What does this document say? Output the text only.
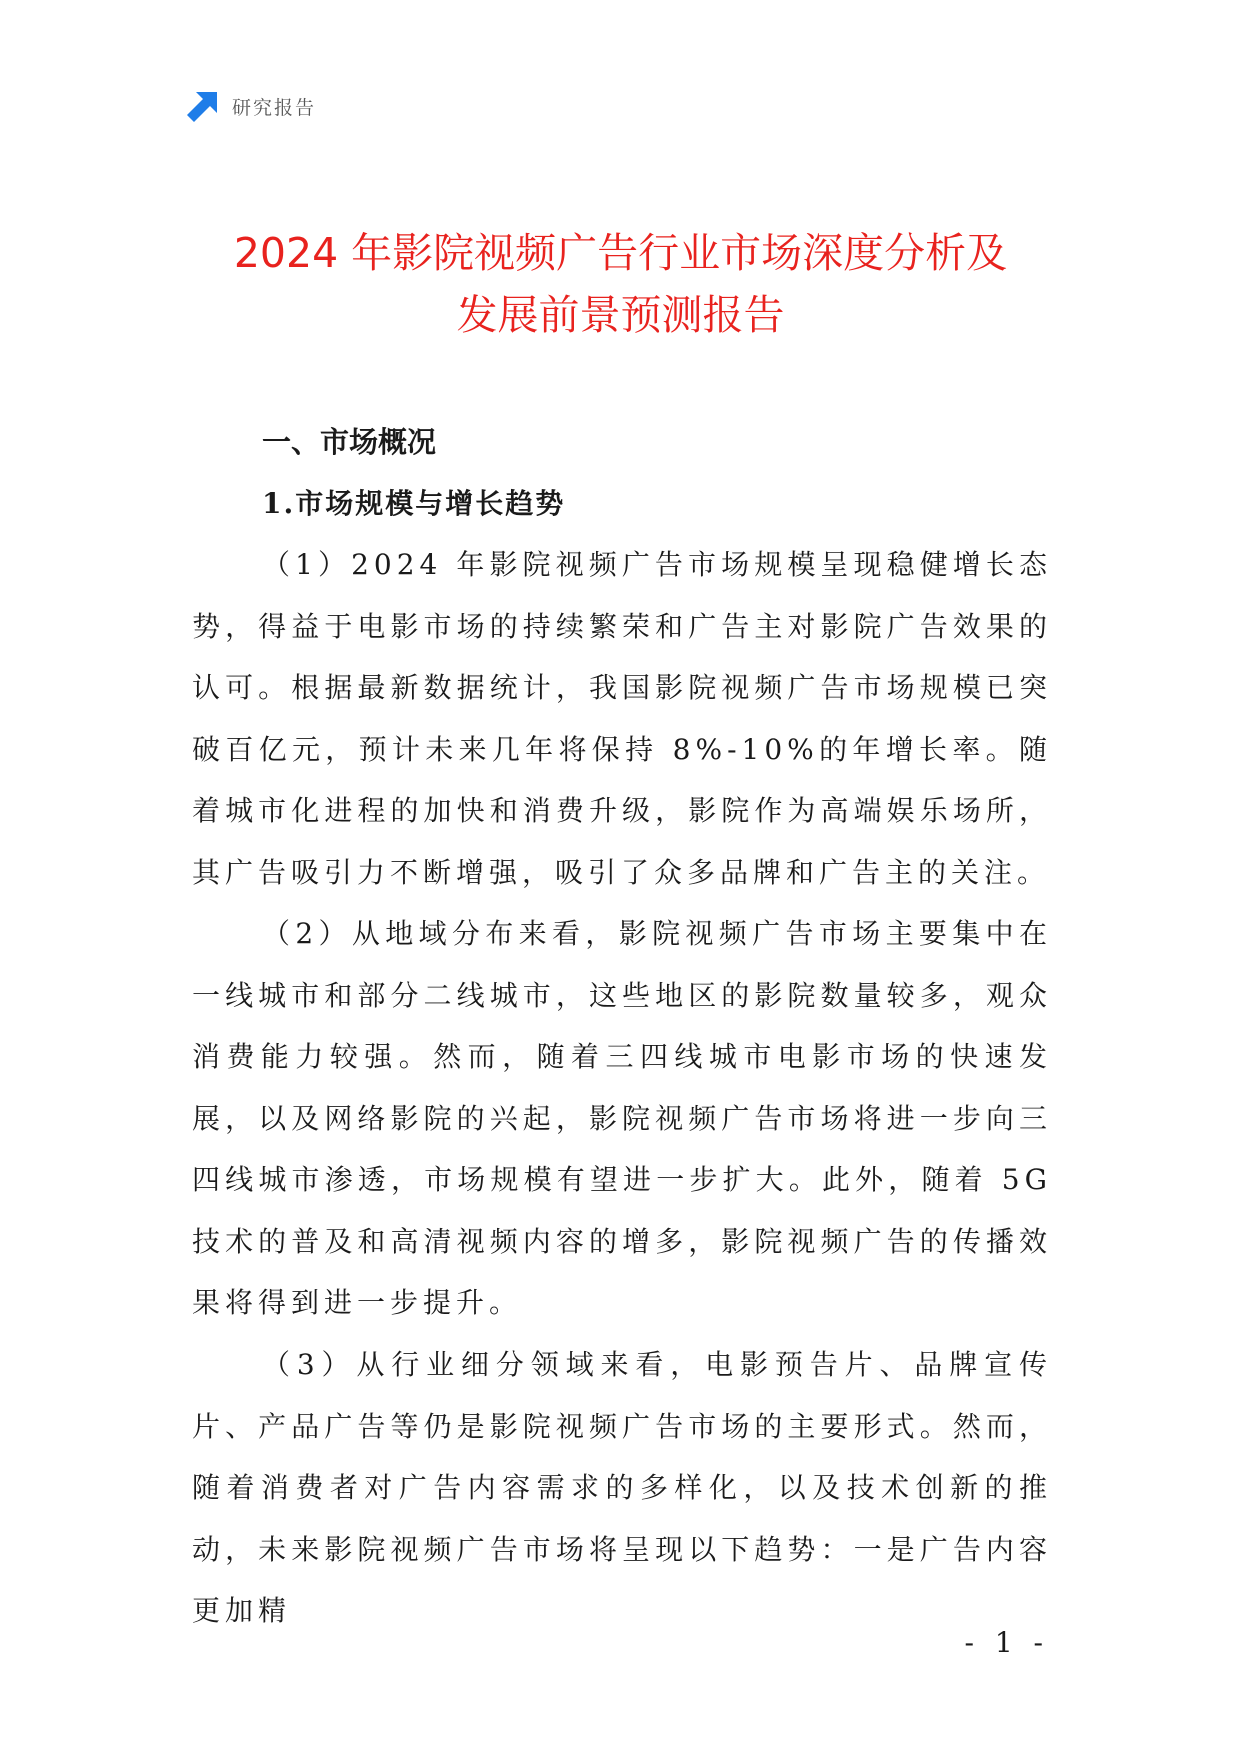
研究报告
2024 年影院视频广告行业市场深度分析及
发展前景预测报告
一、市场概况
1.市场规模与增长趋势

（1）2024 年影院视频广告市场规模呈现稳健增长态势，得益于电影市场的持续繁荣和广告主对影院广告效果的认可。根据最新数据统计，我国影院视频广告市场规模已突破百亿元，预计未来几年将保持 8%-10%的年增长率。随着城市化进程的加快和消费升级，影院作为高端娱乐场所，其广告吸引力不断增强，吸引了众多品牌和广告主的关注。

（2）从地域分布来看，影院视频广告市场主要集中在一线城市和部分二线城市，这些地区的影院数量较多，观众消费能力较强。然而，随着三四线城市电影市场的快速发展，以及网络影院的兴起，影院视频广告市场将进一步向三四线城市渗透，市场规模有望进一步扩大。此外，随着 5G 技术的普及和高清视频内容的增多，影院视频广告的传播效果将得到进一步提升。

（3）从行业细分领域来看，电影预告片、品牌宣传片、产品广告等仍是影院视频广告市场的主要形式。然而，随着消费者对广告内容需求的多样化，以及技术创新的推动，未来影院视频广告市场将呈现以下趋势：一是广告内容更加精

- 1 -
